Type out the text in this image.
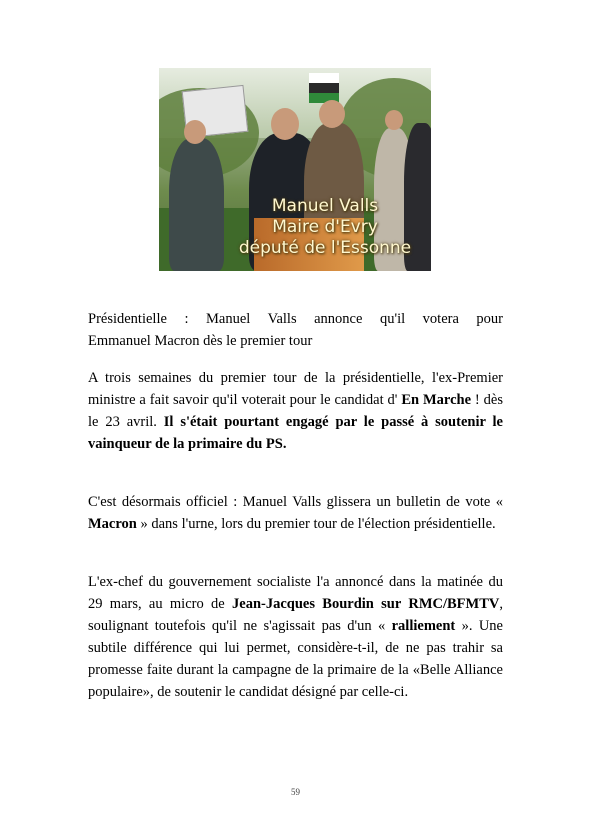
Manuel Valls
Maire d'Evry
député de l'Essonne
Présidentielle : Manuel Valls annonce qu'il votera pour
Emmanuel Macron dès le premier tour
A trois semaines du premier tour de la présidentielle, l'ex-Premier ministre a fait savoir qu'il voterait pour le candidat d' En Marche ! dès le 23 avril. Il s'était pourtant engagé par le passé à soutenir le vainqueur de la primaire du PS.
C'est désormais officiel : Manuel Valls glissera un bulletin de vote « Macron » dans l'urne, lors du premier tour de l'élection présidentielle.
L'ex-chef du gouvernement socialiste l'a annoncé dans la matinée du 29 mars, au micro de Jean-Jacques Bourdin sur RMC/BFMTV, soulignant toutefois qu'il ne s'agissait pas d'un « ralliement ». Une subtile différence qui lui permet, considère-t-il, de ne pas trahir sa promesse faite durant la campagne de la primaire de la «Belle Alliance populaire», de soutenir le candidat désigné par celle-ci.
59
